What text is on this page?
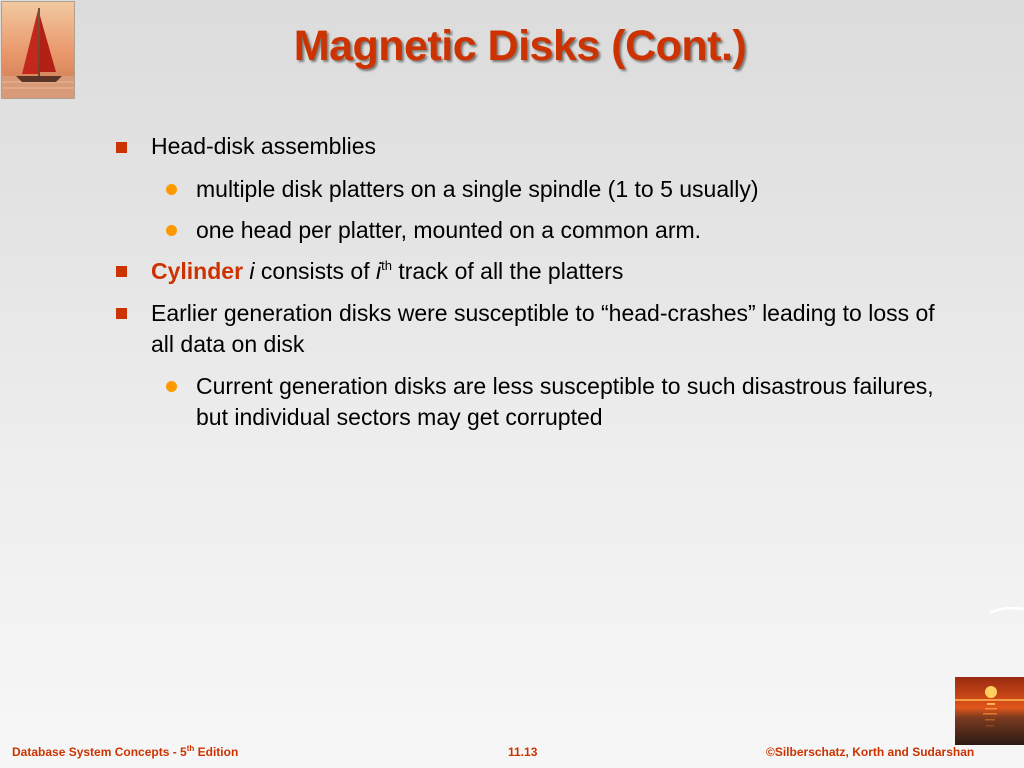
Magnetic Disks (Cont.)
Head-disk assemblies
multiple disk platters on a single spindle (1 to 5 usually)
one head per platter, mounted on a common arm.
Cylinder i consists of $i^{th}$ track of all the platters
Earlier generation disks were susceptible to “head-crashes” leading to loss of all data on disk
Current generation disks are less susceptible to such disastrous failures, but individual sectors may get corrupted
Database System Concepts - 5th Edition	11.13	©Silberschatz, Korth and Sudarshan
